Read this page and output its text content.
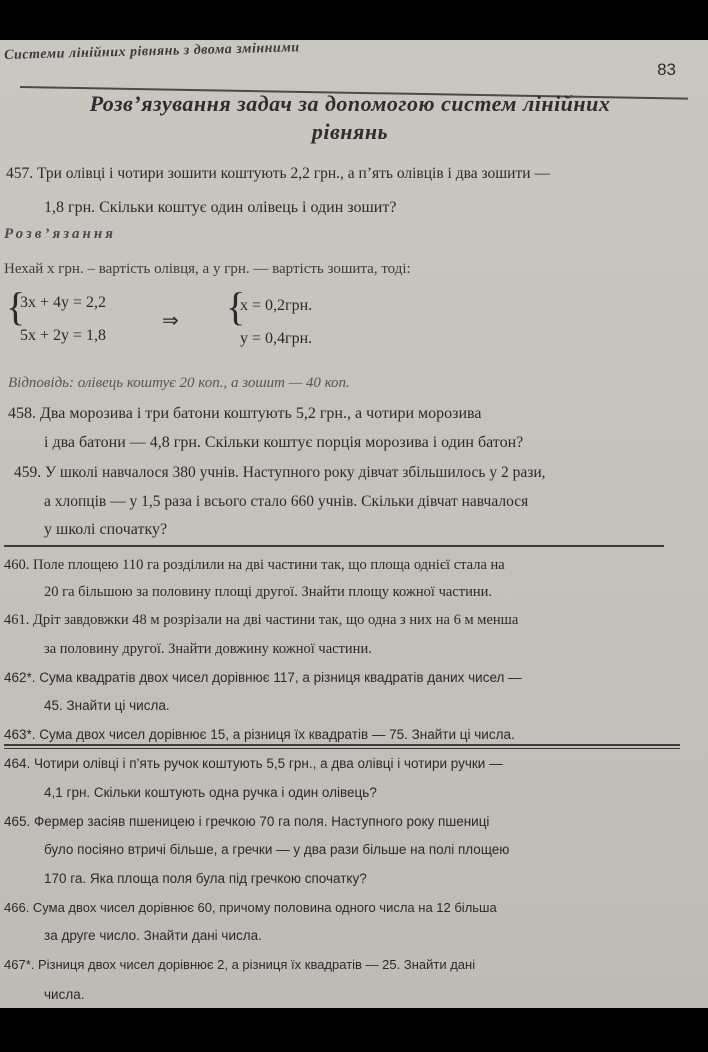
Системи лінійних рівнянь з двома змінними
83
Розв’язування задач за допомогою систем лінійних
рівнянь
457. Три олівці і чотири зошити коштують 2,2 грн., а п’ять олівців і два зошити —
1,8 грн. Скільки коштує один олівець і один зошит?
Розв’язання
Нехай x грн. – вартість олівця, а y грн. — вартість зошита, тоді:
{
3x + 4y = 2,2
5x + 2y = 1,8
⇒ {
x = 0,2грн.
y = 0,4грн.
Відповідь: олівець коштує 20 коп., а зошит — 40 коп.
458. Два морозива і три батони коштують 5,2 грн., а чотири морозива
і два батони — 4,8 грн. Скільки коштує порція морозива і один батон?
459. У школі навчалося 380 учнів. Наступного року дівчат збільшилось у 2 рази,
а хлопців — у 1,5 раза і всього стало 660 учнів. Скільки дівчат навчалося
у школі спочатку?
460. Поле площею 110 га розділили на дві частини так, що площа однієї стала на
20 га більшою за половину площі другої. Знайти площу кожної частини.
461. Дріт завдовжки 48 м розрізали на дві частини так, що одна з них на 6 м менша
за половину другої. Знайти довжину кожної частини.
462*. Сума квадратів двох чисел дорівнює 117, а різниця квадратів даних чисел —
45. Знайти ці числа.
463*. Сума двох чисел дорівнює 15, а різниця їх квадратів — 75. Знайти ці числа.
464. Чотири олівці і п’ять ручок коштують 5,5 грн., а два олівці і чотири ручки —
4,1 грн. Скільки коштують одна ручка і один олівець?
465. Фермер засіяв пшеницею і гречкою 70 га поля. Наступного року пшениці
було посіяно втричі більше, а гречки — у два рази більше на полі площею
170 га. Яка площа поля була під гречкою спочатку?
466. Сума двох чисел дорівнює 60, причому половина одного числа на 12 більша
за друге число. Знайти дані числа.
467*. Різниця двох чисел дорівнює 2, а різниця їх квадратів — 25. Знайти дані
числа.
